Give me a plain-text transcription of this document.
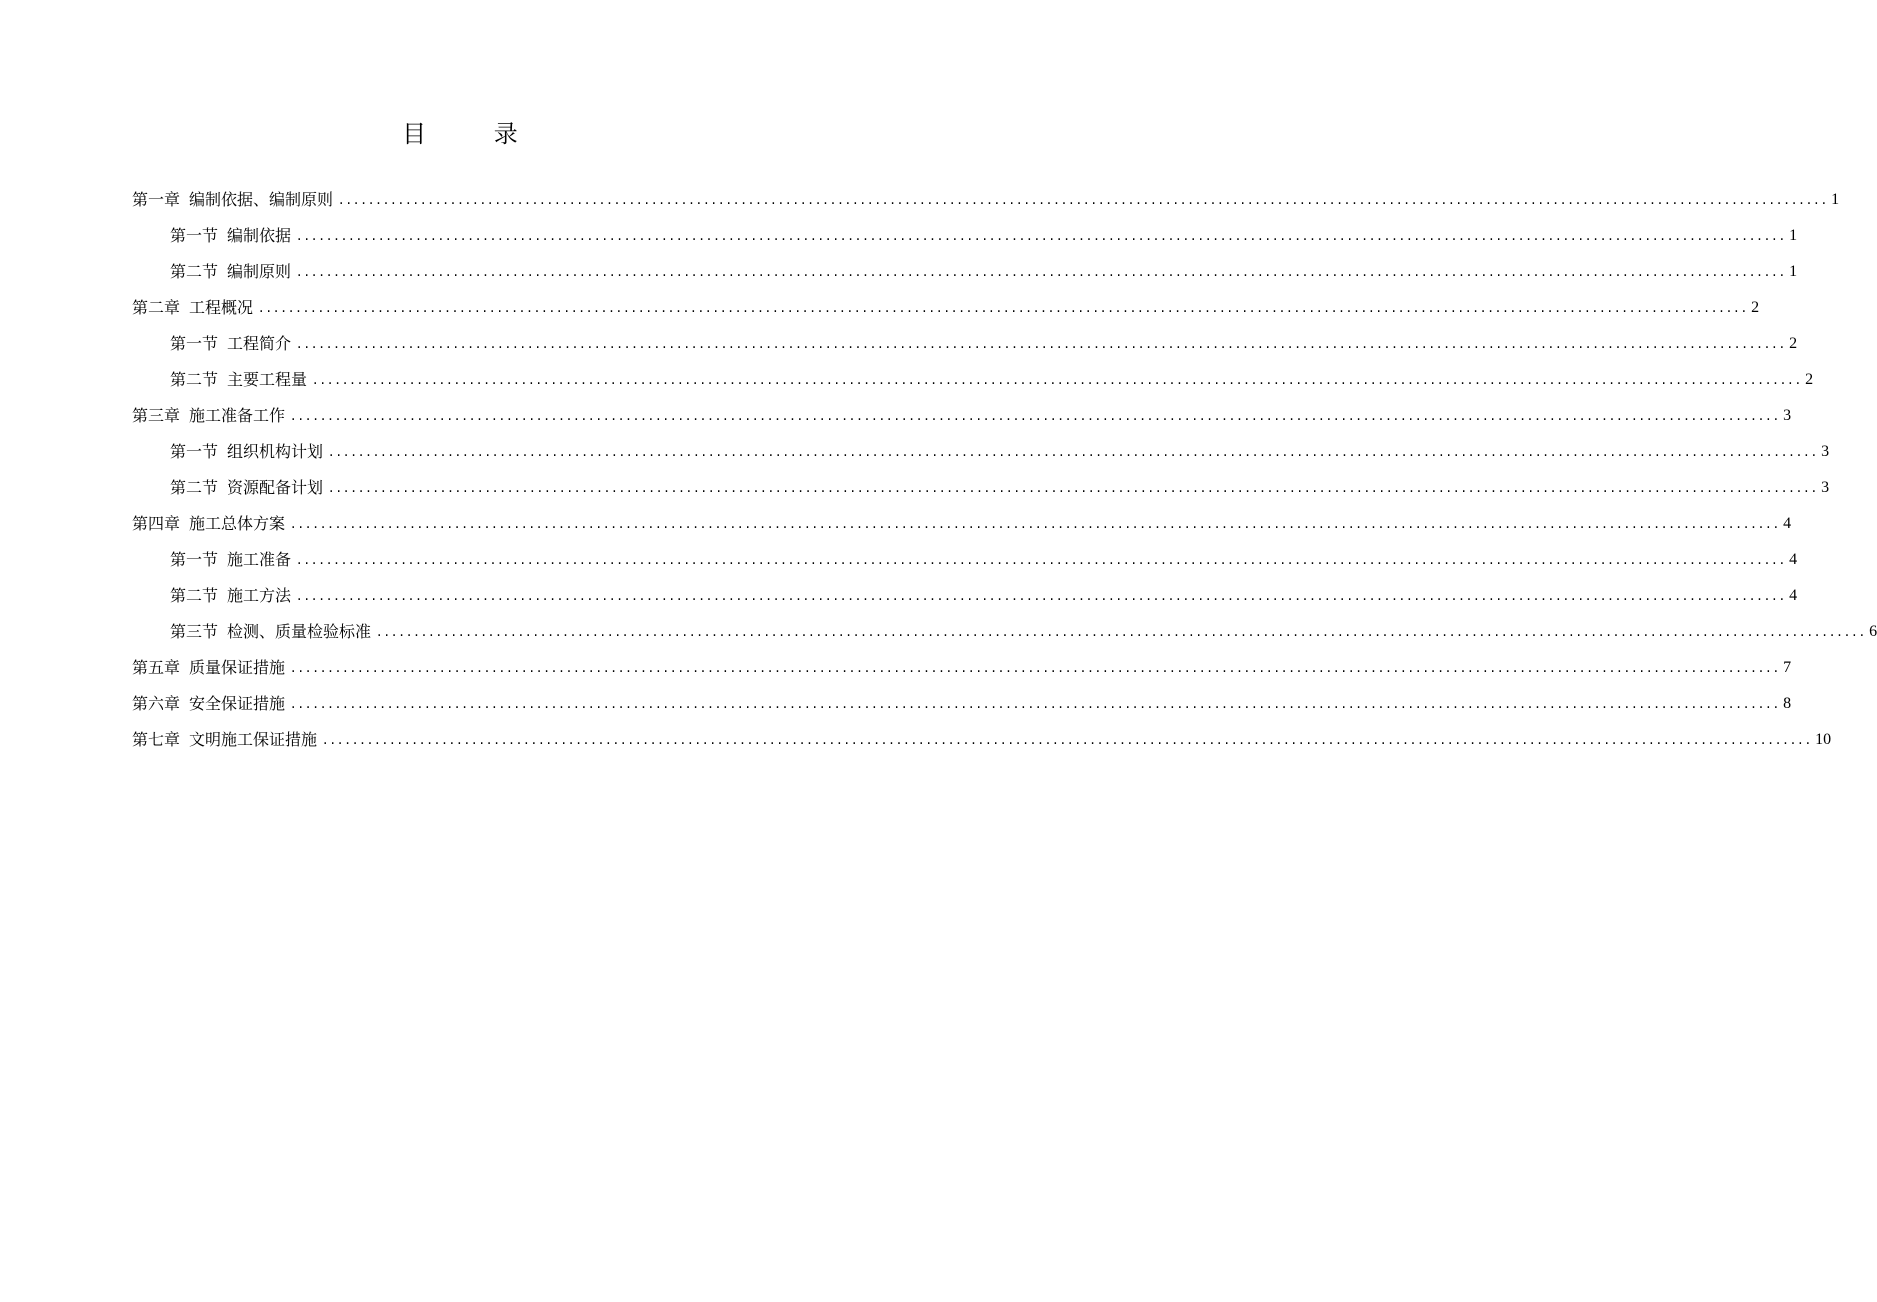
目 录
第一章 编制依据、编制原则 ........................................................................................................................................................................................................ 1
第一节 编制依据 ........................................................................................................................................................................................................ 1
第二节 编制原则 ........................................................................................................................................................................................................ 1
第二章 工程概况 ........................................................................................................................................................................................................ 2
第一节 工程简介 ........................................................................................................................................................................................................ 2
第二节 主要工程量 ........................................................................................................................................................................................................ 2
第三章 施工准备工作 ........................................................................................................................................................................................................ 3
第一节 组织机构计划 ........................................................................................................................................................................................................ 3
第二节 资源配备计划 ........................................................................................................................................................................................................ 3
第四章 施工总体方案 ........................................................................................................................................................................................................ 4
第一节 施工准备 ........................................................................................................................................................................................................ 4
第二节 施工方法 ........................................................................................................................................................................................................ 4
第三节 检测、质量检验标准 ........................................................................................................................................................................................................ 6
第五章 质量保证措施 ........................................................................................................................................................................................................ 7
第六章 安全保证措施 ........................................................................................................................................................................................................ 8
第七章 文明施工保证措施 ........................................................................................................................................................................................................ 10
